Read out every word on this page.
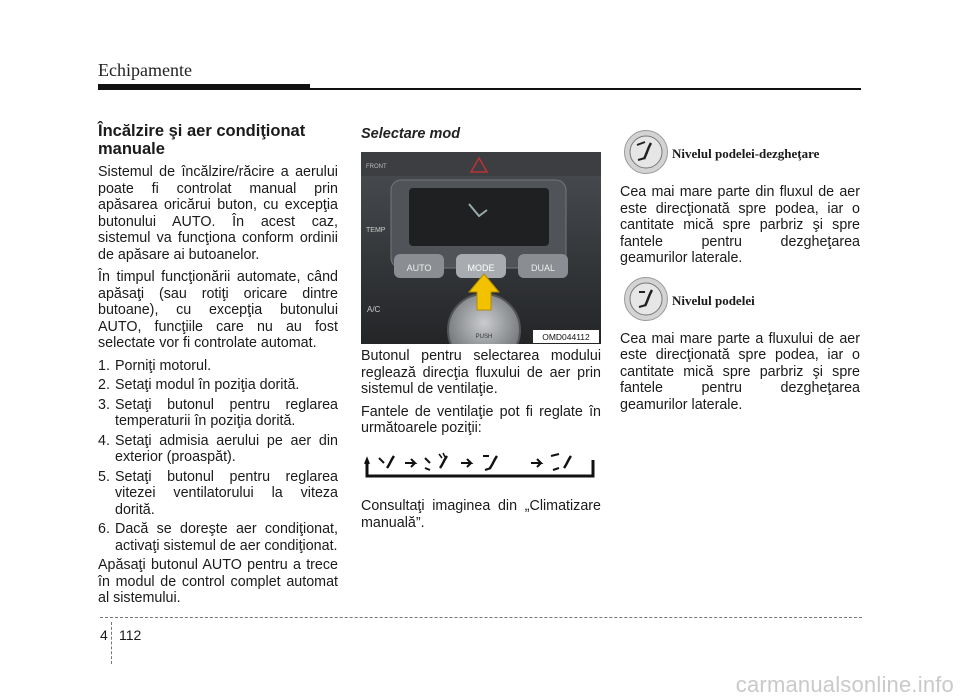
Echipamente
Încălzire şi aer condiţionat manuale

Sistemul de încălzire/răcire a aerului poate fi controlat manual prin apăsarea oricărui buton, cu excepţia butonului AUTO. În acest caz, sistemul va funcţiona conform ordinii de apăsare ai butoanelor.

În timpul funcţionării automate, când apăsaţi (sau rotiţi oricare dintre butoane), cu excepţia butonului AUTO, funcţiile care nu au fost selectate vor fi controlate automat.

1. Porniţi motorul.
2. Setaţi modul în poziţia dorită.
3. Setaţi butonul pentru reglarea temperaturii în poziţia dorită.
4. Setaţi admisia aerului pe aer din exterior (proaspăt).
5. Setaţi butonul pentru reglarea vitezei ventilatorului la viteza dorită.
6. Dacă se doreşte aer condiţionat, activaţi sistemul de aer condiţionat.

Apăsaţi butonul AUTO pentru a trece în modul de control complet automat al sistemului.

Selectare mod
AUTO	MODE	DUAL
A/C
TEMP
FRONT
PUSH	OMD044112

Butonul pentru selectarea modului reglează direcţia fluxului de aer prin sistemul de ventilaţie.

Fantele de ventilaţie pot fi reglate în următoarele poziţii:

Consultaţi imaginea din „Climatizare manuală”.

Nivelul podelei-dezgheţare

Cea mai mare parte din fluxul de aer este direcţionată spre podea, iar o cantitate mică spre parbriz şi spre fantele pentru dezgheţarea geamurilor laterale.

Nivelul podelei

Cea mai mare parte a fluxului de aer este direcţionată spre podea, iar o cantitate mică spre parbriz şi spre fantele pentru dezgheţarea geamurilor laterale.

4 112
carmanualsonline.info
